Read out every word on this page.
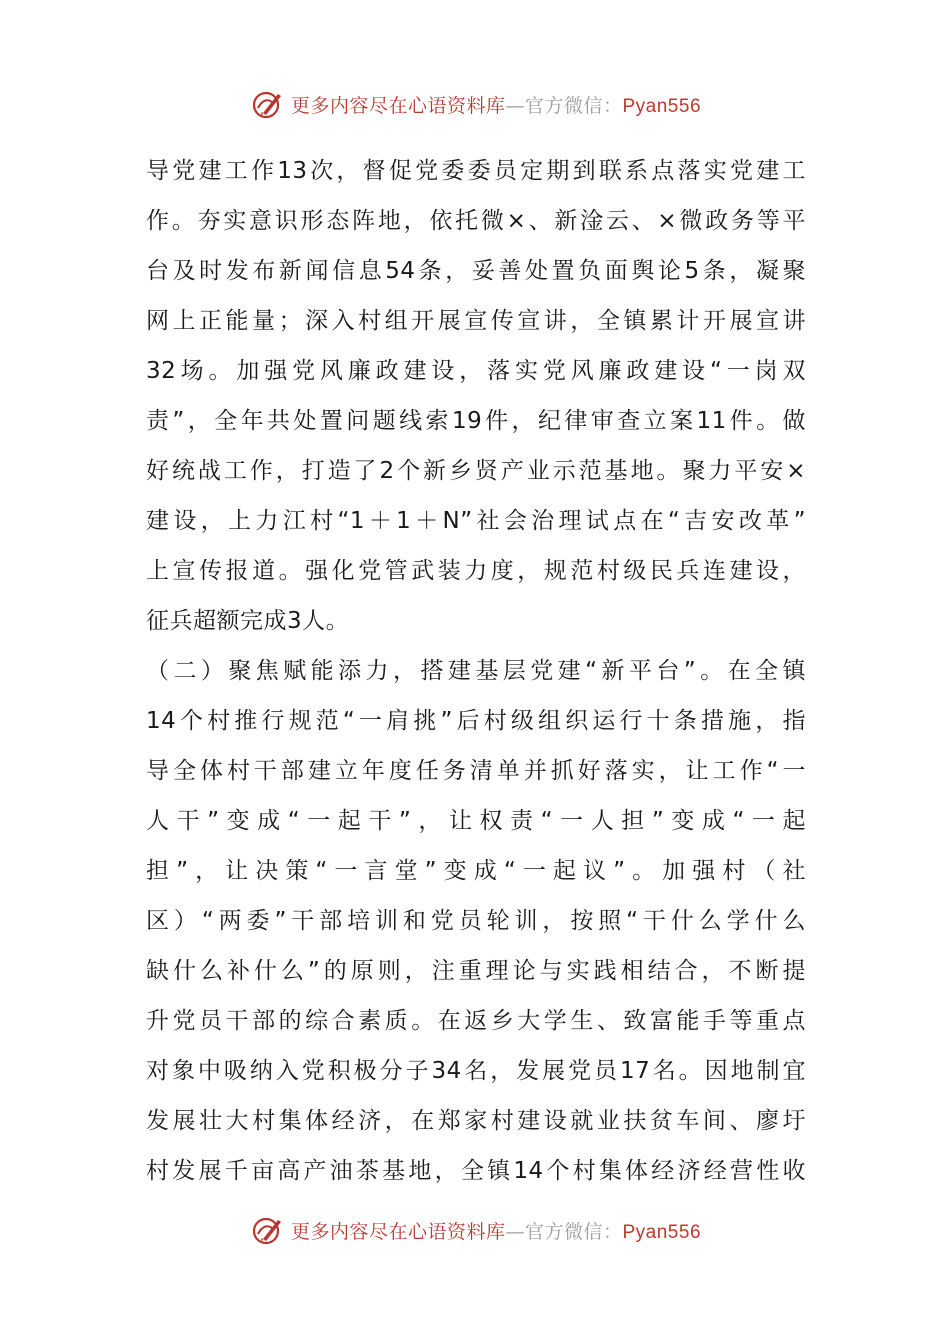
更多内容尽在心语资料库—官方微信：Pyan556
导党建工作13次，督促党委委员定期到联系点落实党建工
作。夯实意识形态阵地，依托微×、新淦云、×微政务等平
台及时发布新闻信息54条，妥善处置负面舆论5条，凝聚
网上正能量；深入村组开展宣传宣讲，全镇累计开展宣讲
32场。加强党风廉政建设，落实党风廉政建设“一岗双
责”，全年共处置问题线索19件，纪律审查立案11件。做
好统战工作，打造了2个新乡贤产业示范基地。聚力平安×
建设，上力江村“1＋1＋N”社会治理试点在“吉安改革”
上宣传报道。强化党管武装力度，规范村级民兵连建设，
征兵超额完成3人。
（二）聚焦赋能添力，搭建基层党建“新平台”。在全镇
14个村推行规范“一肩挑”后村级组织运行十条措施，指
导全体村干部建立年度任务清单并抓好落实，让工作“一
人干”变成“一起干”，让权责“一人担”变成“一起
担”，让决策“一言堂”变成“一起议”。加强村（社
区）“两委”干部培训和党员轮训，按照“干什么学什么
缺什么补什么”的原则，注重理论与实践相结合，不断提
升党员干部的综合素质。在返乡大学生、致富能手等重点
对象中吸纳入党积极分子34名，发展党员17名。因地制宜
发展壮大村集体经济，在郑家村建设就业扶贫车间、廖圩
村发展千亩高产油茶基地，全镇14个村集体经济经营性收
更多内容尽在心语资料库—官方微信：Pyan556
